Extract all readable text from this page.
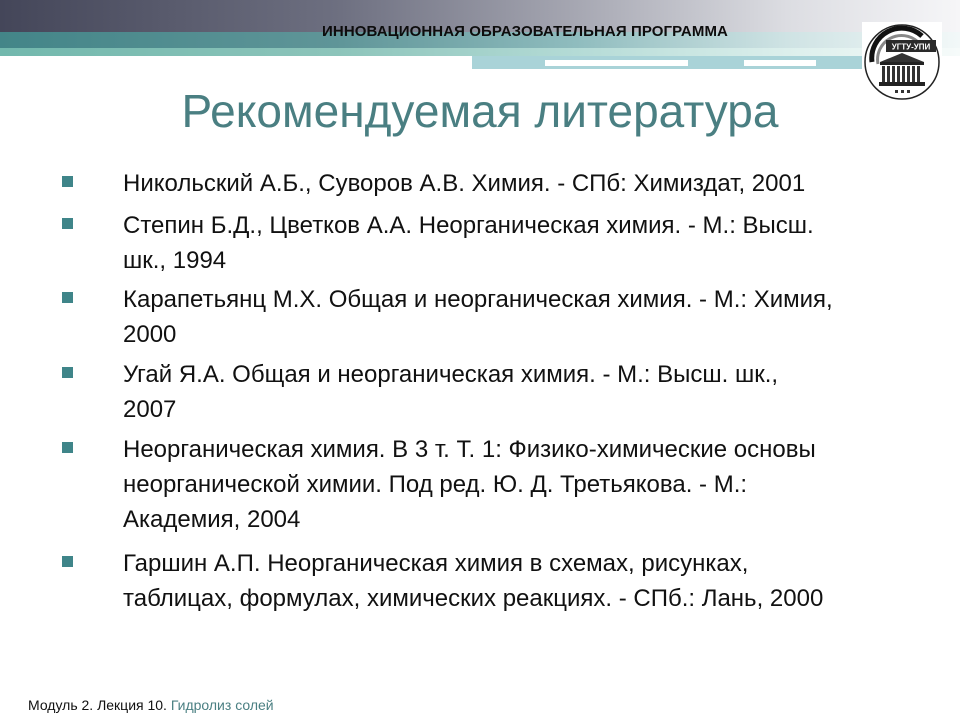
ИННОВАЦИОННАЯ ОБРАЗОВАТЕЛЬНАЯ ПРОГРАММА
УГТУ-УПИ
Рекомендуемая литература
Никольский А.Б., Суворов А.В. Химия. - СПб: Химиздат, 2001
Степин Б.Д., Цветков А.А. Неорганическая химия. - М.: Высш.
шк., 1994
Карапетьянц М.Х. Общая и неорганическая химия. - М.: Химия,
2000
Угай Я.А. Общая и неорганическая химия. - М.: Высш. шк.,
2007
Неорганическая химия. В 3 т. Т. 1: Физико-химические основы
неорганической химии. Под ред. Ю. Д. Третьякова. - М.:
Академия, 2004
Гаршин А.П. Неорганическая химия в схемах, рисунках,
таблицах, формулах, химических реакциях. - СПб.: Лань, 2000
Модуль 2. Лекция 10. Гидролиз солей
